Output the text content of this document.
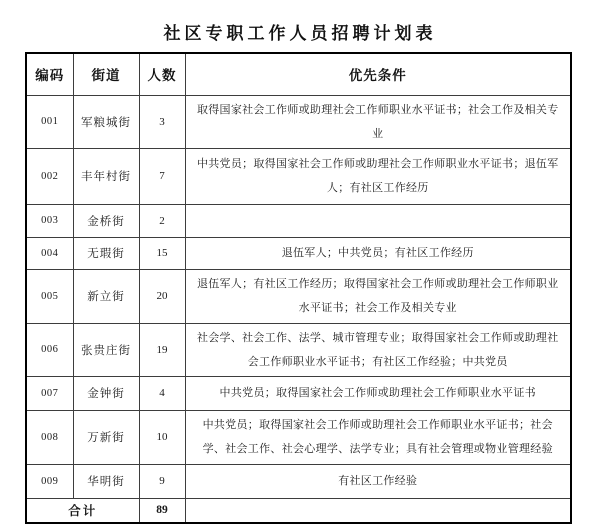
社区专职工作人员招聘计划表
编码	街道	人数	优先条件
001	军粮城街	3	取得国家社会工作师或助理社会工作师职业水平证书；社会工作及相关专业
002	丰年村街	7	中共党员；取得国家社会工作师或助理社会工作师职业水平证书；退伍军人；有社区工作经历
003	金桥街	2	
004	无瑕街	15	退伍军人；中共党员；有社区工作经历
005	新立街	20	退伍军人；有社区工作经历；取得国家社会工作师或助理社会工作师职业水平证书；社会工作及相关专业
006	张贵庄街	19	社会学、社会工作、法学、城市管理专业；取得国家社会工作师或助理社会工作师职业水平证书；有社区工作经验；中共党员
007	金钟街	4	中共党员；取得国家社会工作师或助理社会工作师职业水平证书
008	万新街	10	中共党员；取得国家社会工作师或助理社会工作师职业水平证书；社会学、社会工作、社会心理学、法学专业；具有社会管理或物业管理经验
009	华明街	9	有社区工作经验
合计		89	
